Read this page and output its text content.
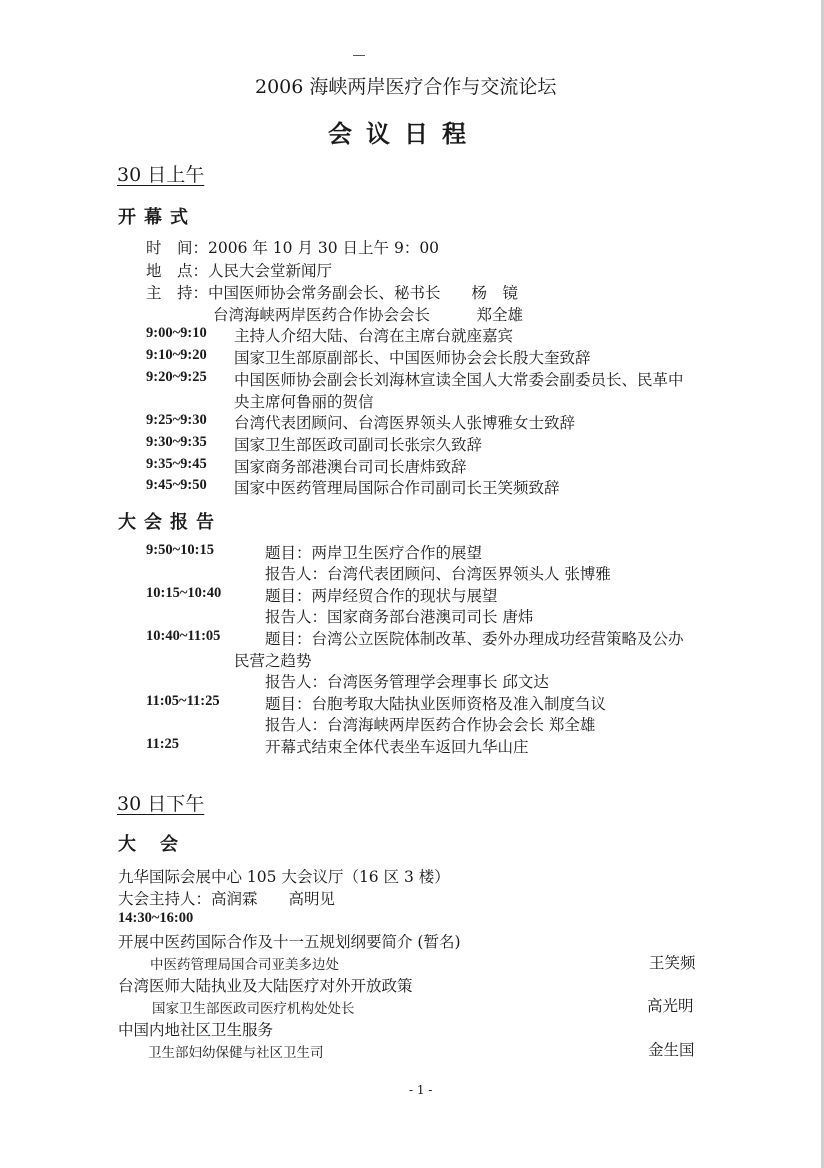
2006 海峡两岸医疗合作与交流论坛
会议日程
30 日上午
开幕式
时　间：2006 年 10 月 30 日上午 9：00
地　点：人民大会堂新闻厅
主　持：中国医师协会常务副会长、秘书长　　杨　镜
台湾海峡两岸医药合作协会会长　　　郑全雄
9:00~9:10 主持人介绍大陆、台湾在主席台就座嘉宾
9:10~9:20 国家卫生部原副部长、中国医师协会会长殷大奎致辞
9:20~9:25 中国医师协会副会长刘海林宣读全国人大常委会副委员长、民革中
央主席何鲁丽的贺信
9:25~9:30 台湾代表团顾问、台湾医界领头人张博雅女士致辞
9:30~9:35 国家卫生部医政司副司长张宗久致辞
9:35~9:45 国家商务部港澳台司司长唐炜致辞
9:45~9:50 国家中医药管理局国际合作司副司长王笑频致辞
大会报告
9:50~10:15	题目：两岸卫生医疗合作的展望
报告人：台湾代表团顾问、台湾医界领头人 张博雅
10:15~10:40	题目：两岸经贸合作的现状与展望
报告人：国家商务部台港澳司司长 唐炜
10:40~11:05	题目：台湾公立医院体制改革、委外办理成功经营策略及公办
民营之趋势
报告人：台湾医务管理学会理事长 邱文达
11:05~11:25	题目：台胞考取大陆执业医师资格及准入制度刍议
报告人：台湾海峡两岸医药合作协会会长 郑全雄
11:25	开幕式结束全体代表坐车返回九华山庄
30 日下午
大会
九华国际会展中心 105 大会议厅（16 区 3 楼）
大会主持人：高润霖　　高明见
14:30~16:00
开展中医药国际合作及十一五规划纲要简介 (暂名)
中医药管理局国合司亚美多边处	王笑频
台湾医师大陆执业及大陆医疗对外开放政策
国家卫生部医政司医疗机构处处长	高光明
中国内地社区卫生服务
卫生部妇幼保健与社区卫生司	金生国
- 1 -
